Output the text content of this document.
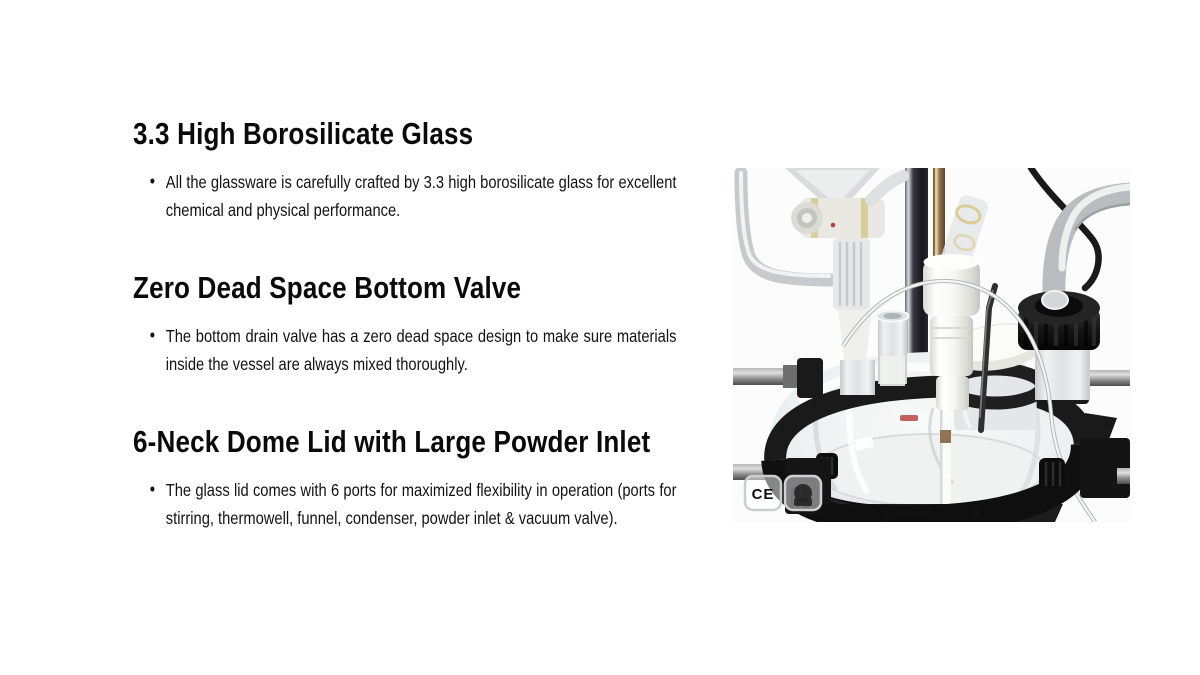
3.3 High Borosilicate Glass
• All the glassware is carefully crafted by 3.3 high borosilicate glass for excellent chemical and physical performance.
Zero Dead Space Bottom Valve
• The bottom drain valve has a zero dead space design to make sure materials inside the vessel are always mixed thoroughly.
6-Neck Dome Lid with Large Powder Inlet
• The glass lid comes with 6 ports for maximized flexibility in operation (ports for stirring, thermowell, funnel, condenser, powder inlet & vacuum valve).
CE
